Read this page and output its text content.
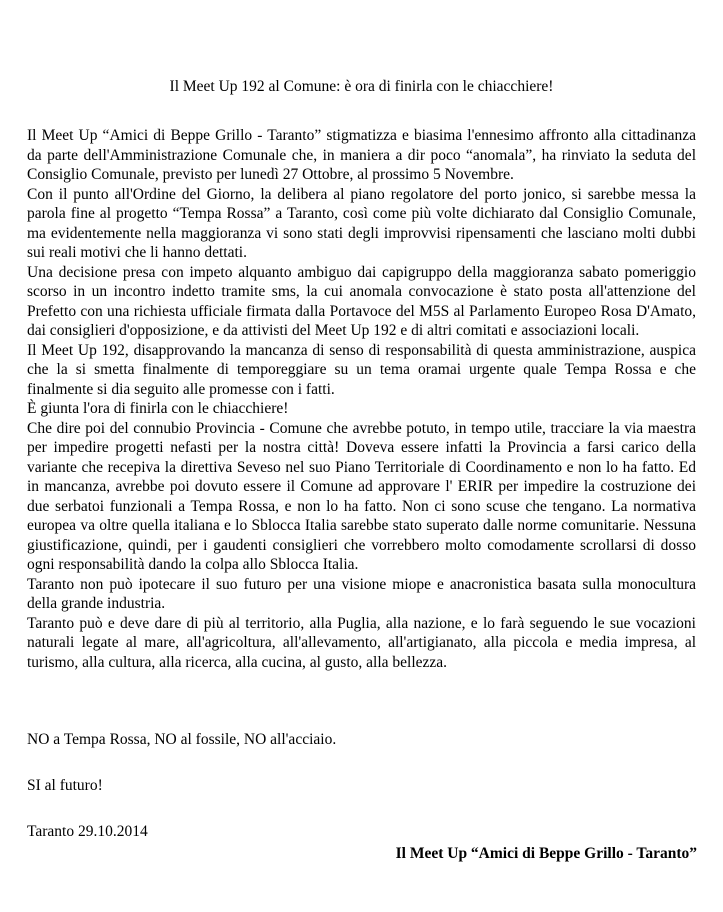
Il Meet Up 192 al Comune: è ora di finirla con le chiacchiere!

Il Meet Up “Amici di Beppe Grillo - Taranto” stigmatizza e biasima l'ennesimo affronto alla cittadinanza da parte dell'Amministrazione Comunale che, in maniera a dir poco “anomala”, ha rinviato la seduta del Consiglio Comunale, previsto per lunedì 27 Ottobre, al prossimo 5 Novembre.

Con il punto all'Ordine del Giorno, la delibera al piano regolatore del porto jonico, si sarebbe messa la parola fine al progetto “Tempa Rossa” a Taranto, così come più volte dichiarato dal Consiglio Comunale, ma evidentemente nella maggioranza vi sono stati degli improvvisi ripensamenti che lasciano molti dubbi sui reali motivi che li hanno dettati.

Una decisione presa con impeto alquanto ambiguo dai capigruppo della maggioranza sabato pomeriggio scorso in un incontro indetto tramite sms, la cui anomala convocazione è stato posta all'attenzione del Prefetto con una richiesta ufficiale firmata dalla Portavoce del M5S al Parlamento Europeo Rosa D'Amato, dai consiglieri d'opposizione, e da attivisti del Meet Up 192 e di altri comitati e associazioni locali.

Il Meet Up 192, disapprovando la mancanza di senso di responsabilità di questa amministrazione, auspica che la si smetta finalmente di temporeggiare su un tema oramai urgente quale Tempa Rossa e che finalmente si dia seguito alle promesse con i fatti.

È giunta l'ora di finirla con le chiacchiere!

Che dire poi del connubio Provincia - Comune che avrebbe potuto, in tempo utile, tracciare la via maestra per impedire progetti nefasti per la nostra città! Doveva essere infatti la Provincia a farsi carico della variante che recepiva la direttiva Seveso nel suo Piano Territoriale di Coordinamento e non lo ha fatto. Ed in mancanza, avrebbe poi dovuto essere il Comune ad approvare l' ERIR per impedire la costruzione dei due serbatoi funzionali a Tempa Rossa, e non lo ha fatto. Non ci sono scuse che tengano. La normativa europea va oltre quella italiana e lo Sblocca Italia sarebbe stato superato dalle norme comunitarie. Nessuna giustificazione, quindi, per i gaudenti consiglieri che vorrebbero molto comodamente scrollarsi di dosso ogni responsabilità dando la colpa allo Sblocca Italia.

Taranto non può ipotecare il suo futuro per una visione miope e anacronistica basata sulla monocultura della grande industria.

Taranto può e deve dare di più al territorio, alla Puglia, alla nazione, e lo farà seguendo le sue vocazioni naturali legate al mare, all'agricoltura, all'allevamento, all'artigianato, alla piccola e media impresa, al turismo, alla cultura, alla ricerca, alla cucina, al gusto, alla bellezza.

NO a Tempa Rossa, NO al fossile, NO all'acciaio.

SI al futuro!

Taranto 29.10.2014

Il Meet Up “Amici di Beppe Grillo - Taranto”
